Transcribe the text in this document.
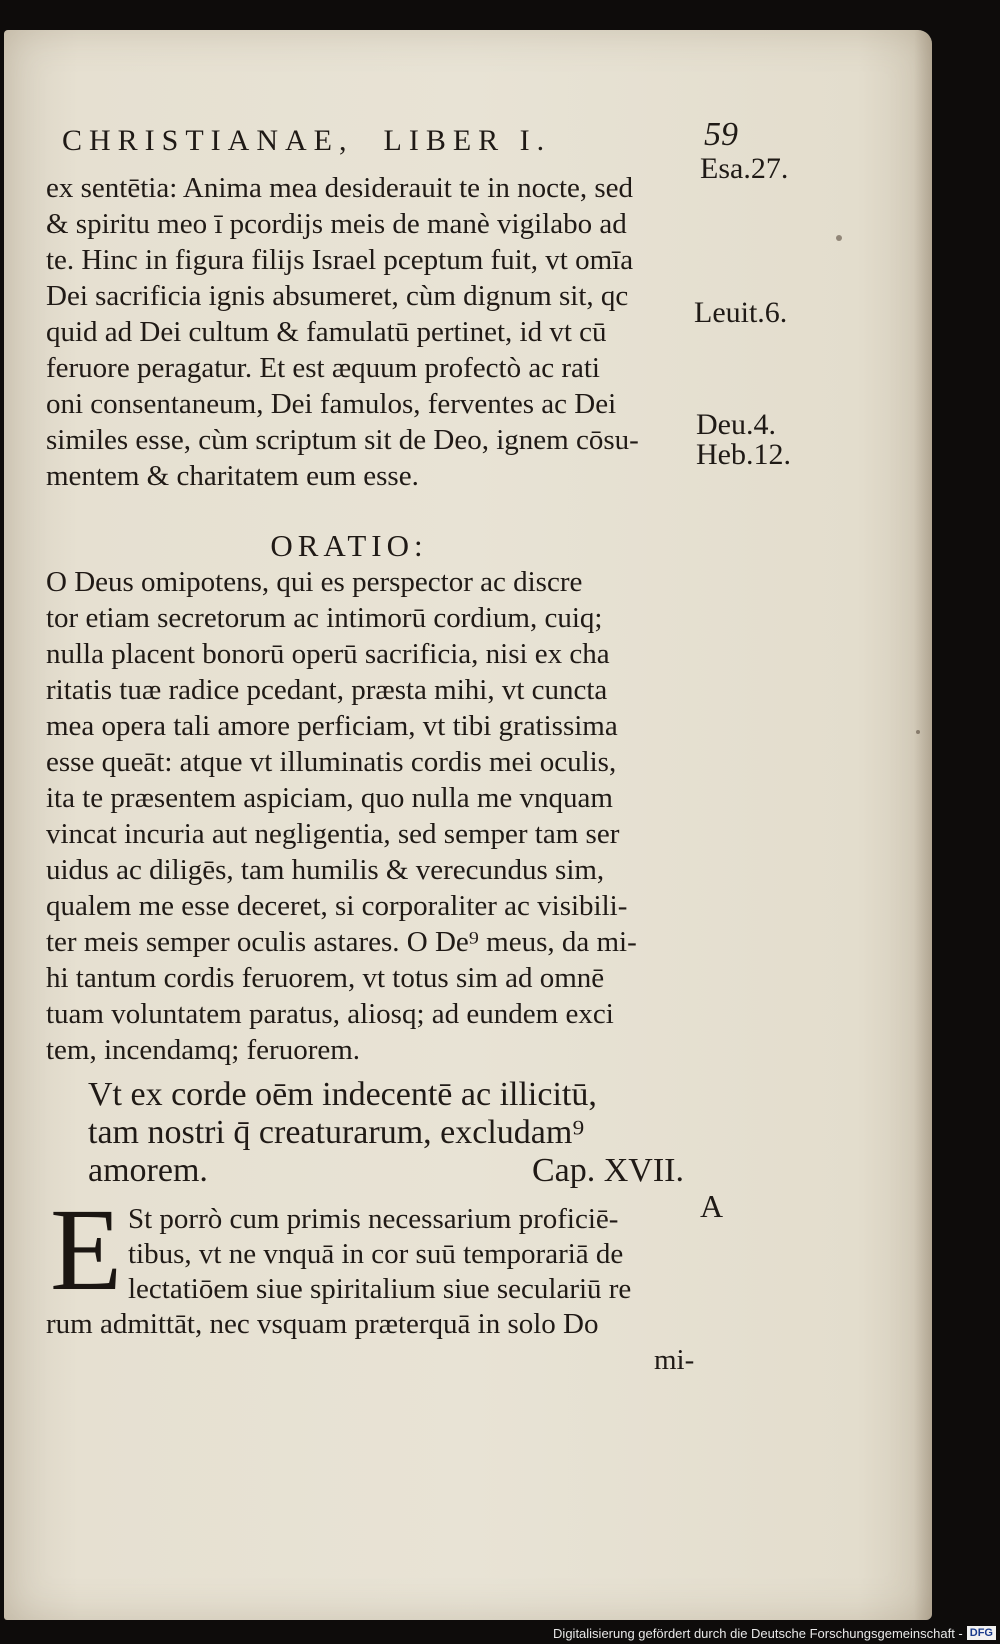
CHRISTIANAE, LIBER I.	59
Esa.27.
Leuit.6.
Deu.4.
Heb.12.
A
ex sentētia: Anima mea desiderauit te in nocte, sed
& spiritu meo ī pcordijs meis de manè vigilabo ad
te. Hinc in figura filijs Israel pceptum fuit, vt omīa
Dei sacrificia ignis absumeret, cùm dignum sit, qc
quid ad Dei cultum & famulatū pertinet, id vt cū
feruore peragatur. Et est æquum profectò ac rati
oni consentaneum, Dei famulos, ferventes ac Dei
similes esse, cùm scriptum sit de Deo, ignem cōsu-
mentem & charitatem eum esse.
ORATIO:
O Deus omipotens, qui es perspector ac discre
tor etiam secretorum ac intimorū cordium, cuiq;
nulla placent bonorū operū sacrificia, nisi ex cha
ritatis tuæ radice pcedant, præsta mihi, vt cuncta
mea opera tali amore perficiam, vt tibi gratissima
esse queāt: atque vt illuminatis cordis mei oculis,
ita te præsentem aspiciam, quo nulla me vnquam
vincat incuria aut negligentia, sed semper tam ser
uidus ac diligēs, tam humilis & verecundus sim,
qualem me esse deceret, si corporaliter ac visibili-
ter meis semper oculis astares. O De⁹ meus, da mi-
hi tantum cordis feruorem, vt totus sim ad omnē
tuam voluntatem paratus, aliosq; ad eundem exci
tem, incendamq; feruorem.
Vt ex corde oēm indecentē ac illicitū,
tam nostri q̄ creaturarum, excludam⁹
amorem.	Cap. XVII.
E St porrò cum primis necessarium proficiē-
tibus, vt ne vnquā in cor suū temporariā de
lectatiōem siue spiritalium siue seculariū re
rum admittāt, nec vsquam præterquā in solo Do
mi-
Digitalisierung gefördert durch die Deutsche Forschungsgemeinschaft - DFG
